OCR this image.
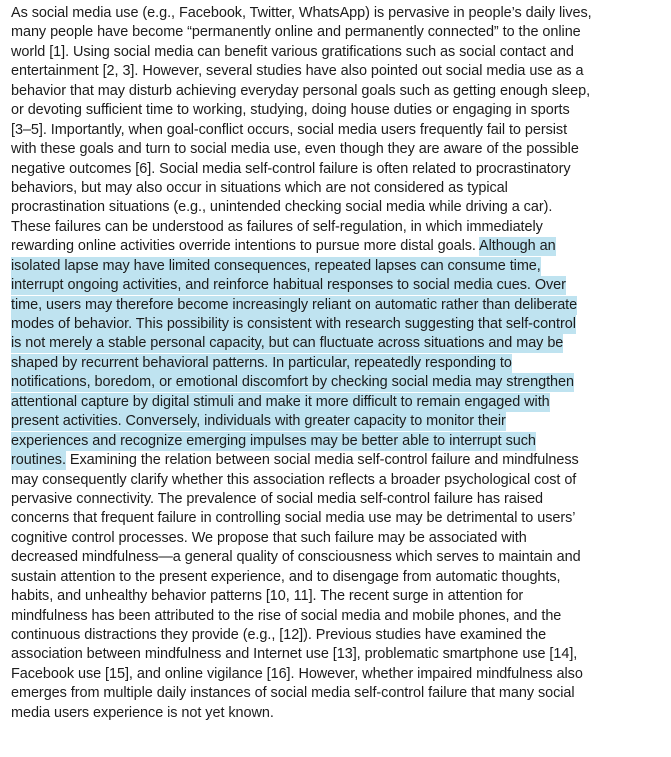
As social media use (e.g., Facebook, Twitter, WhatsApp) is pervasive in people’s daily lives,
many people have become “permanently online and permanently connected” to the online
world [1]. Using social media can benefit various gratifications such as social contact and
entertainment [2, 3]. However, several studies have also pointed out social media use as a
behavior that may disturb achieving everyday personal goals such as getting enough sleep,
or devoting sufficient time to working, studying, doing house duties or engaging in sports
[3–5]. Importantly, when goal-conflict occurs, social media users frequently fail to persist
with these goals and turn to social media use, even though they are aware of the possible
negative outcomes [6]. Social media self-control failure is often related to procrastinatory
behaviors, but may also occur in situations which are not considered as typical
procrastination situations (e.g., unintended checking social media while driving a car).
These failures can be understood as failures of self-regulation, in which immediately
rewarding online activities override intentions to pursue more distal goals. Although an
isolated lapse may have limited consequences, repeated lapses can consume time,
interrupt ongoing activities, and reinforce habitual responses to social media cues. Over
time, users may therefore become increasingly reliant on automatic rather than deliberate
modes of behavior. This possibility is consistent with research suggesting that self-control
is not merely a stable personal capacity, but can fluctuate across situations and may be
shaped by recurrent behavioral patterns. In particular, repeatedly responding to
notifications, boredom, or emotional discomfort by checking social media may strengthen
attentional capture by digital stimuli and make it more difficult to remain engaged with
present activities. Conversely, individuals with greater capacity to monitor their
experiences and recognize emerging impulses may be better able to interrupt such
routines. Examining the relation between social media self-control failure and mindfulness
may consequently clarify whether this association reflects a broader psychological cost of
pervasive connectivity. The prevalence of social media self-control failure has raised
concerns that frequent failure in controlling social media use may be detrimental to users’
cognitive control processes. We propose that such failure may be associated with
decreased mindfulness—a general quality of consciousness which serves to maintain and
sustain attention to the present experience, and to disengage from automatic thoughts,
habits, and unhealthy behavior patterns [10, 11]. The recent surge in attention for
mindfulness has been attributed to the rise of social media and mobile phones, and the
continuous distractions they provide (e.g., [12]). Previous studies have examined the
association between mindfulness and Internet use [13], problematic smartphone use [14],
Facebook use [15], and online vigilance [16]. However, whether impaired mindfulness also
emerges from multiple daily instances of social media self-control failure that many social
media users experience is not yet known.
